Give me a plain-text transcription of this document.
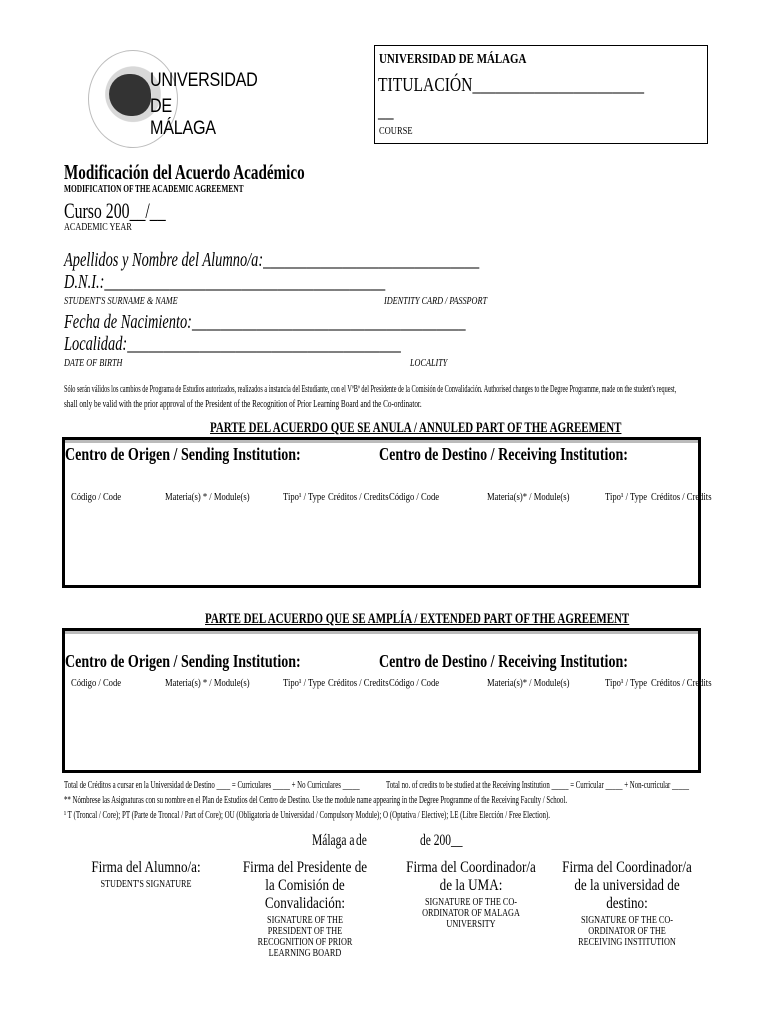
UNIVERSIDAD
DE MÁLAGA
UNIVERSIDAD DE MÁLAGA
TITULACIÓN______________________
__
COURSE
Modificación del Acuerdo Académico
MODIFICATION OF THE ACADEMIC AGREEMENT
Curso 200__/__
ACADEMIC YEAR
Apellidos y Nombre del Alumno/a:______________________________
D.N.I.:_______________________________________
STUDENT'S SURNAME & NAME	IDENTITY CARD / PASSPORT
Fecha de Nacimiento:______________________________________
Localidad:______________________________________
DATE OF BIRTH	LOCALITY
Sólo serán válidos los cambios de Programa de Estudios autorizados, realizados a instancia del Estudiante, con el VºBº del Presidente de la Comisión de Convalidación. Authorised changes to the Degree Programme, made on the student's request,
shall only be valid with the prior approval of the President of the Recognition of Prior Learning Board and the Co-ordinator.
PARTE DEL ACUERDO QUE SE ANULA / ANNULED PART OF THE AGREEMENT
Centro de Origen / Sending Institution:	Centro de Destino / Receiving Institution:
Código / Code	Materia(s) * / Module(s)	Tipo¹ / Type Créditos / Credits Código / Code	Materia(s)* / Module(s)	Tipo¹ / Type Créditos / Credits
PARTE DEL ACUERDO QUE SE AMPLÍA / EXTENDED PART OF THE AGREEMENT
Centro de Origen / Sending Institution:	Centro de Destino / Receiving Institution:
Código / Code	Materia(s) * / Module(s)	Tipo¹ / Type Créditos / Credits Código / Code	Materia(s)* / Module(s)	Tipo¹ / Type Créditos / Credits
Total de Créditos a cursar en la Universidad de Destino ____ = Curriculares _____ + No Curriculares _____ Total no. of credits to be studied at the Receiving Institution _____ = Curricular _____ + Non-curricular _____
** Nómbrese las Asignaturas con su nombre en el Plan de Estudios del Centro de Destino. Use the module name appearing in the Degree Programme of the Receiving Faculty / School.
¹ T (Troncal / Core); PT (Parte de Troncal / Part of Core); OU (Obligatoria de Universidad / Compulsory Module); O (Optativa / Elective); LE (Libre Elección / Free Election).
Málaga a de	de 200__
Firma del Alumno/a:
STUDENT'S SIGNATURE
Firma del Presidente de la Comisión de Convalidación:
SIGNATURE OF THE PRESIDENT OF THE RECOGNITION OF PRIOR LEARNING BOARD
Firma del Coordinador/a de la UMA:
SIGNATURE OF THE CO-ORDINATOR OF MALAGA UNIVERSITY
Firma del Coordinador/a de la universidad de destino:
SIGNATURE OF THE CO-ORDINATOR OF THE RECEIVING INSTITUTION
